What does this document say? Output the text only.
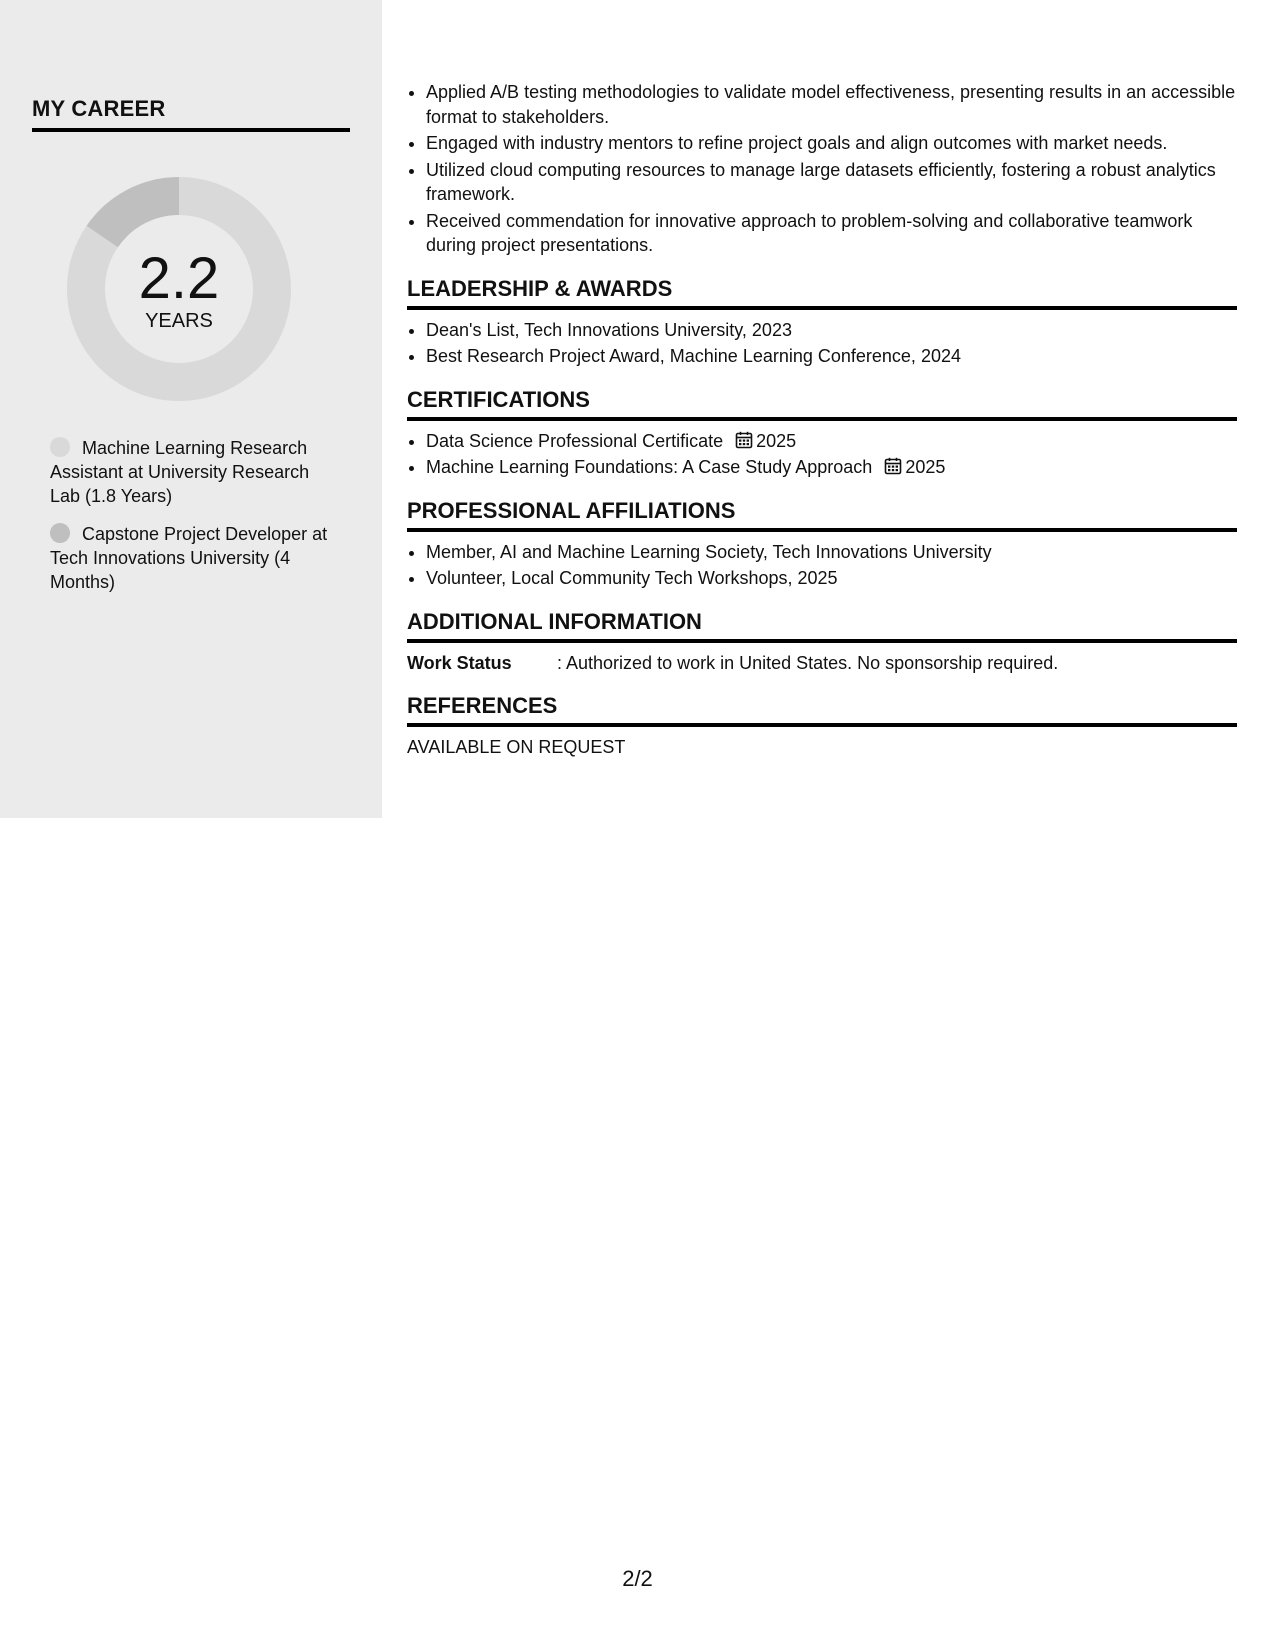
MY CAREER
2.2
YEARS
Machine Learning Research Assistant at University Research Lab (1.8 Years)
Capstone Project Developer at Tech Innovations University (4 Months)
• Applied A/B testing methodologies to validate model effectiveness, presenting results in an accessible format to stakeholders.
• Engaged with industry mentors to refine project goals and align outcomes with market needs.
• Utilized cloud computing resources to manage large datasets efficiently, fostering a robust analytics framework.
• Received commendation for innovative approach to problem-solving and collaborative teamwork during project presentations.
LEADERSHIP & AWARDS
• Dean's List, Tech Innovations University, 2023
• Best Research Project Award, Machine Learning Conference, 2024
CERTIFICATIONS
• Data Science Professional Certificate 2025
• Machine Learning Foundations: A Case Study Approach 2025
PROFESSIONAL AFFILIATIONS
• Member, AI and Machine Learning Society, Tech Innovations University
• Volunteer, Local Community Tech Workshops, 2025
ADDITIONAL INFORMATION
Work Status	: Authorized to work in United States. No sponsorship required.
REFERENCES
AVAILABLE ON REQUEST
2/2
